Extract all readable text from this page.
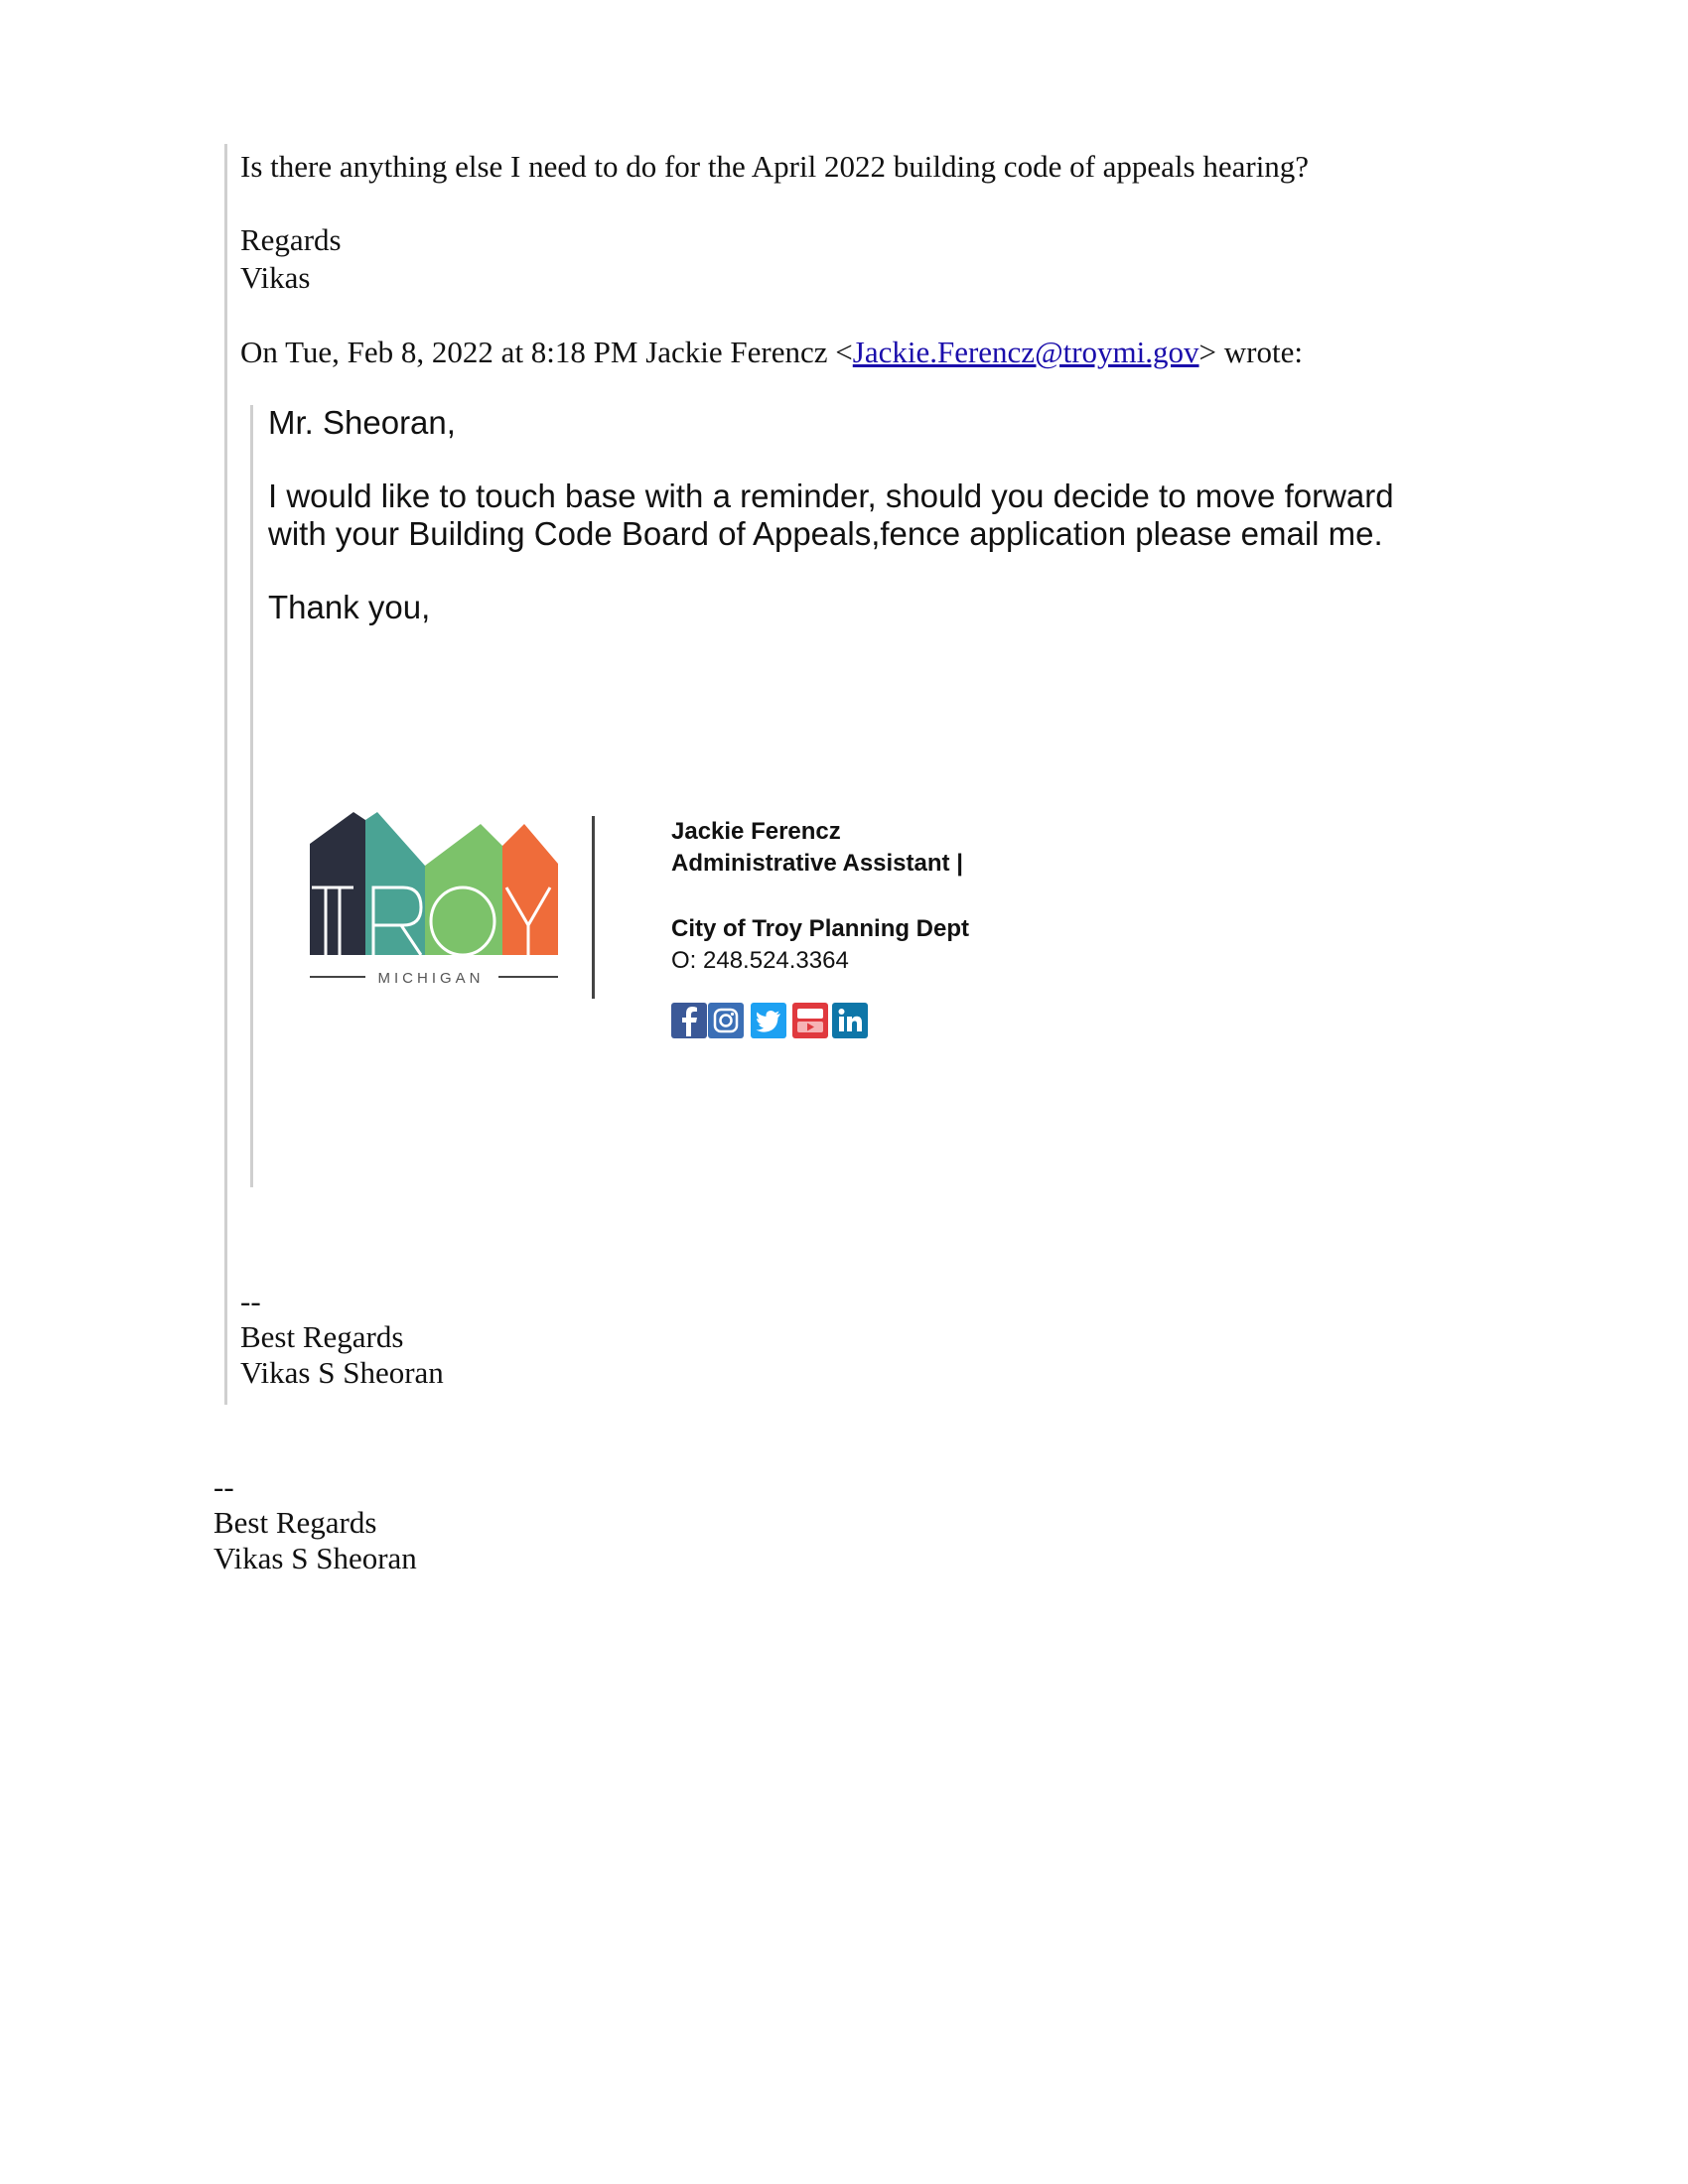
Is there anything else I need to do for the April 2022 building code of appeals hearing?
Regards
Vikas
On Tue, Feb 8, 2022 at 8:18 PM Jackie Ferencz <Jackie.Ferencz@troymi.gov> wrote:
Mr. Sheoran,
I would like to touch base with a reminder, should you decide to move forward
with your Building Code Board of Appeals,fence application please email me.
Thank you,
MICHIGAN
Jackie Ferencz
Administrative Assistant |
City of Troy Planning Dept
O: 248.524.3364
--
Best Regards
Vikas S Sheoran
--
Best Regards
Vikas S Sheoran
